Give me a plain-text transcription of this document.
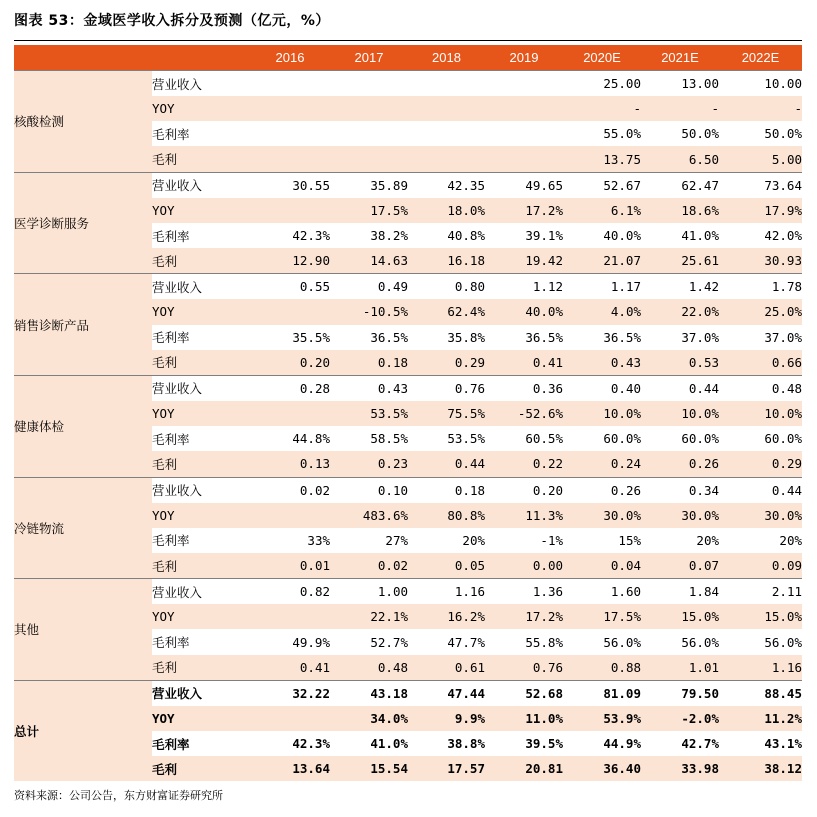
图表 53：金域医学收入拆分及预测（亿元，%）
		2016	2017	2018	2019	2020E	2021E	2022E
核酸检测	营业收入					25.00	13.00	10.00
	YOY					-	-	-
	毛利率					55.0%	50.0%	50.0%
	毛利					13.75	6.50	5.00
医学诊断服务	营业收入	30.55	35.89	42.35	49.65	52.67	62.47	73.64
	YOY		17.5%	18.0%	17.2%	6.1%	18.6%	17.9%
	毛利率	42.3%	38.2%	40.8%	39.1%	40.0%	41.0%	42.0%
	毛利	12.90	14.63	16.18	19.42	21.07	25.61	30.93
销售诊断产品	营业收入	0.55	0.49	0.80	1.12	1.17	1.42	1.78
	YOY		-10.5%	62.4%	40.0%	4.0%	22.0%	25.0%
	毛利率	35.5%	36.5%	35.8%	36.5%	36.5%	37.0%	37.0%
	毛利	0.20	0.18	0.29	0.41	0.43	0.53	0.66
健康体检	营业收入	0.28	0.43	0.76	0.36	0.40	0.44	0.48
	YOY		53.5%	75.5%	-52.6%	10.0%	10.0%	10.0%
	毛利率	44.8%	58.5%	53.5%	60.5%	60.0%	60.0%	60.0%
	毛利	0.13	0.23	0.44	0.22	0.24	0.26	0.29
冷链物流	营业收入	0.02	0.10	0.18	0.20	0.26	0.34	0.44
	YOY		483.6%	80.8%	11.3%	30.0%	30.0%	30.0%
	毛利率	33%	27%	20%	-1%	15%	20%	20%
	毛利	0.01	0.02	0.05	0.00	0.04	0.07	0.09
其他	营业收入	0.82	1.00	1.16	1.36	1.60	1.84	2.11
	YOY		22.1%	16.2%	17.2%	17.5%	15.0%	15.0%
	毛利率	49.9%	52.7%	47.7%	55.8%	56.0%	56.0%	56.0%
	毛利	0.41	0.48	0.61	0.76	0.88	1.01	1.16
总计	营业收入	32.22	43.18	47.44	52.68	81.09	79.50	88.45
	YOY		34.0%	9.9%	11.0%	53.9%	-2.0%	11.2%
	毛利率	42.3%	41.0%	38.8%	39.5%	44.9%	42.7%	43.1%
	毛利	13.64	15.54	17.57	20.81	36.40	33.98	38.12
资料来源：公司公告，东方财富证券研究所
